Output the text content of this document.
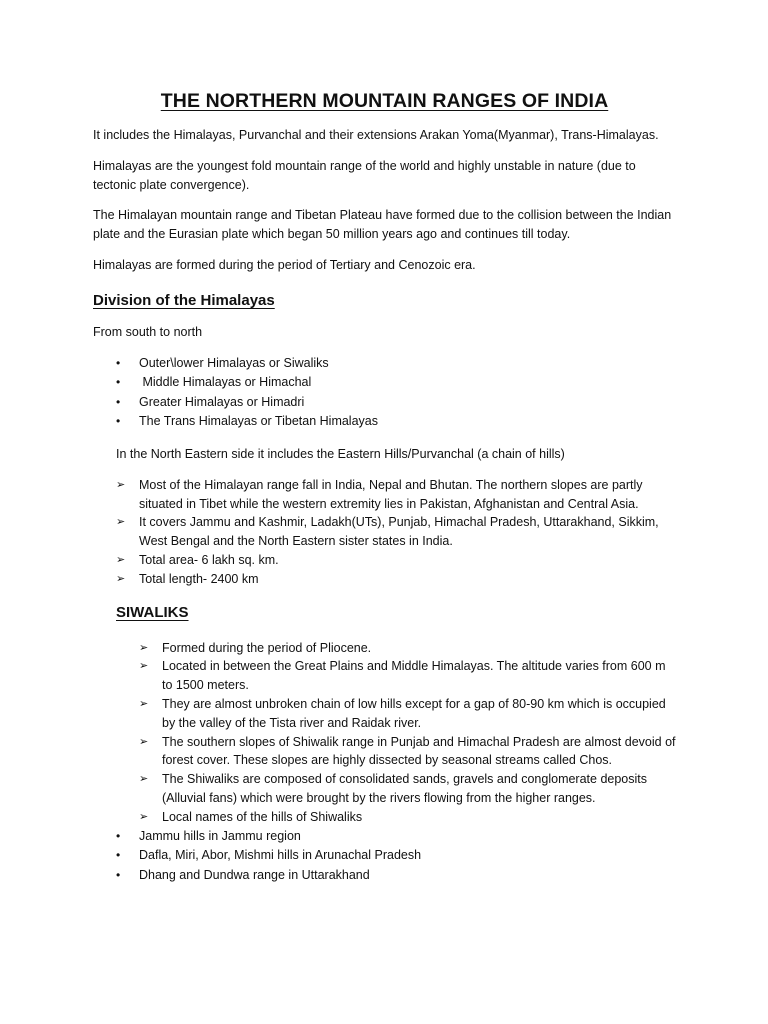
THE NORTHERN MOUNTAIN RANGES OF INDIA

It includes the Himalayas, Purvanchal and their extensions Arakan Yoma(Myanmar), Trans-Himalayas.

Himalayas are the youngest fold mountain range of the world and highly unstable in nature (due to tectonic plate convergence).

The Himalayan mountain range and Tibetan Plateau have formed due to the collision between the Indian plate and the Eurasian plate which began 50 million years ago and continues till today.

Himalayas are formed during the period of Tertiary and Cenozoic era.

Division of the Himalayas

From south to north

• Outer\lower Himalayas or Siwaliks
• Middle Himalayas or Himachal
• Greater Himalayas or Himadri
• The Trans Himalayas or Tibetan Himalayas

In the North Eastern side it includes the Eastern Hills/Purvanchal (a chain of hills)

➢ Most of the Himalayan range fall in India, Nepal and Bhutan. The northern slopes are partly situated in Tibet while the western extremity lies in Pakistan, Afghanistan and Central Asia.
➢ It covers Jammu and Kashmir, Ladakh(UTs), Punjab, Himachal Pradesh, Uttarakhand, Sikkim, West Bengal and the North Eastern sister states in India.
➢ Total area- 6 lakh sq. km.
➢ Total length- 2400 km
SIWALIKS
➢ Formed during the period of Pliocene.
➢ Located in between the Great Plains and Middle Himalayas. The altitude varies from 600 m to 1500 meters.
➢ They are almost unbroken chain of low hills except for a gap of 80-90 km which is occupied by the valley of the Tista river and Raidak river.
➢ The southern slopes of Shiwalik range in Punjab and Himachal Pradesh are almost devoid of forest cover. These slopes are highly dissected by seasonal streams called Chos.
➢ The Shiwaliks are composed of consolidated sands, gravels and conglomerate deposits (Alluvial fans) which were brought by the rivers flowing from the higher ranges.
➢ Local names of the hills of Shiwaliks
• Jammu hills in Jammu region
• Dafla, Miri, Abor, Mishmi hills in Arunachal Pradesh
• Dhang and Dundwa range in Uttarakhand
